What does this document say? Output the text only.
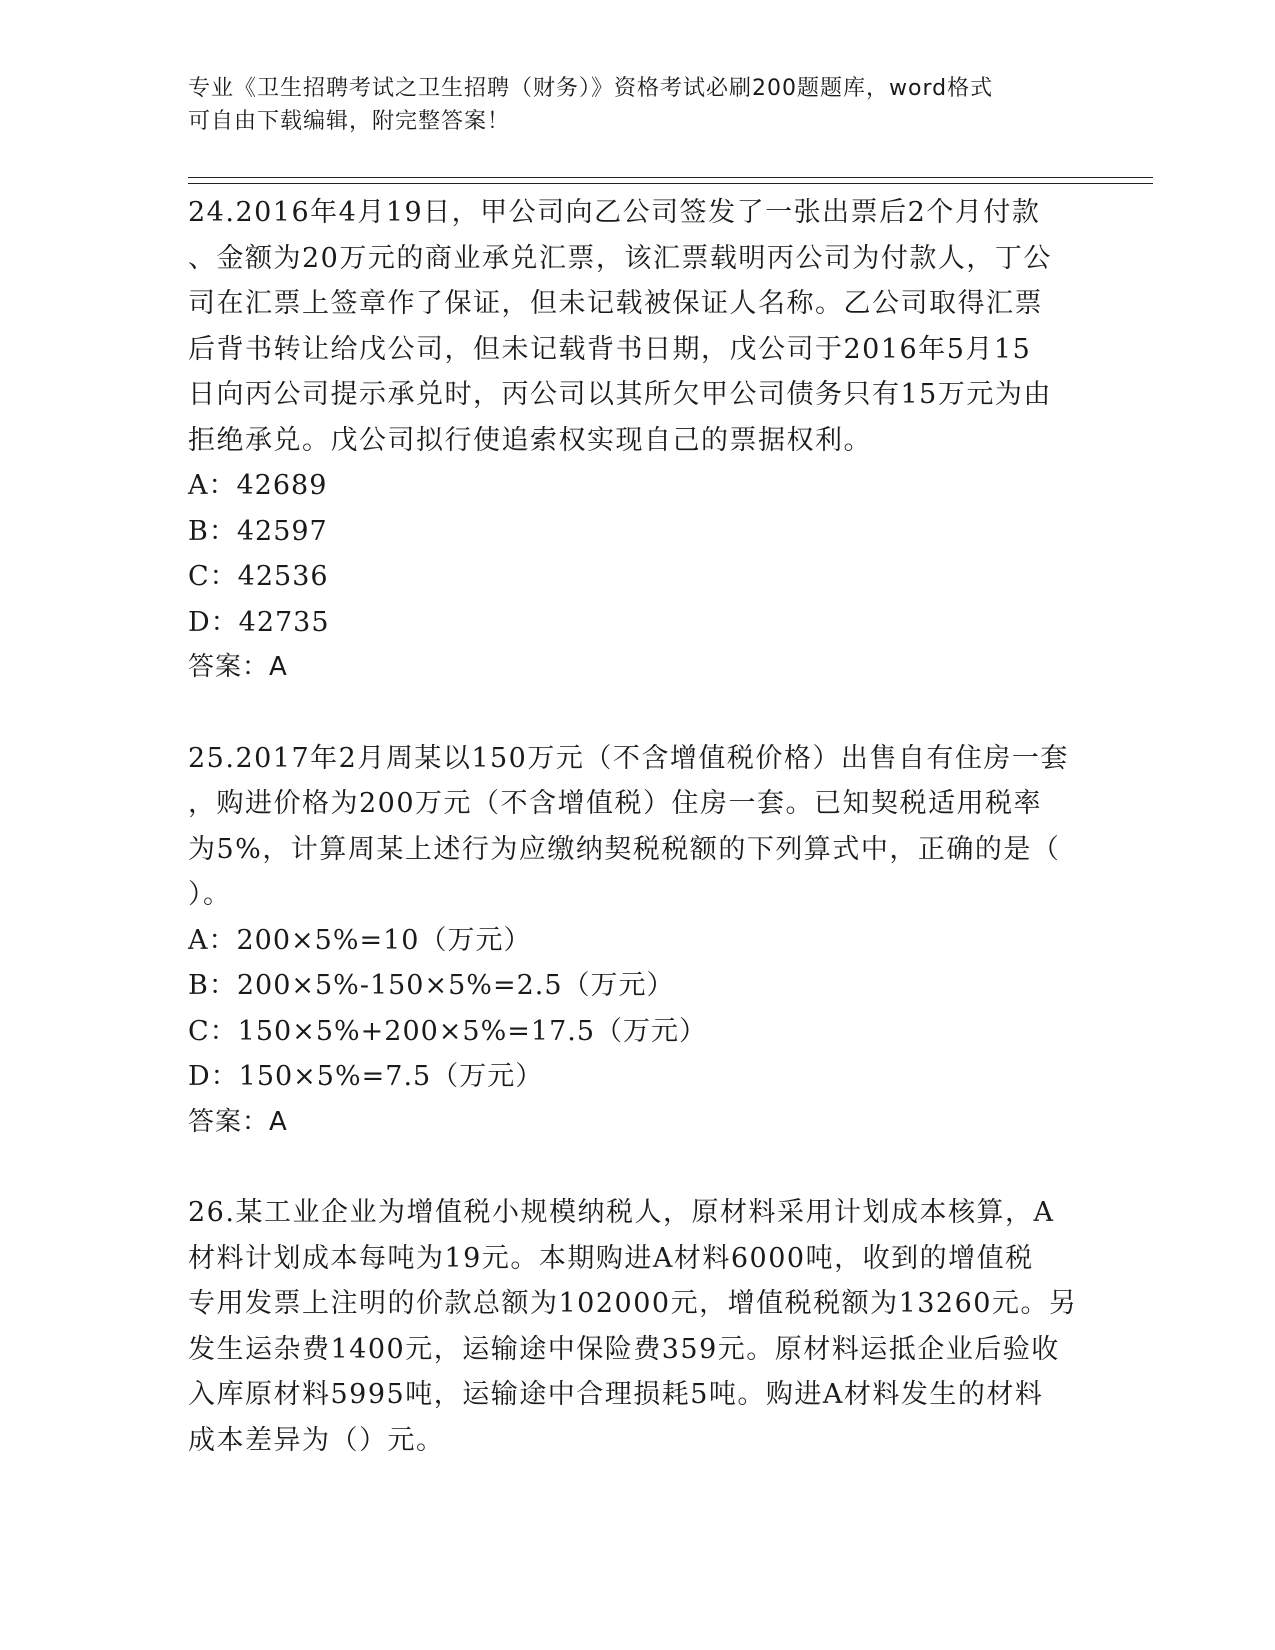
专业《卫生招聘考试之卫生招聘（财务）》资格考试必刷200题题库，word格式
可自由下载编辑，附完整答案！
24.2016年4月19日，甲公司向乙公司签发了一张出票后2个月付款
、金额为20万元的商业承兑汇票，该汇票载明丙公司为付款人，丁公
司在汇票上签章作了保证，但未记载被保证人名称。乙公司取得汇票
后背书转让给戊公司，但未记载背书日期，戊公司于2016年5月15
日向丙公司提示承兑时，丙公司以其所欠甲公司债务只有15万元为由
拒绝承兑。戊公司拟行使追索权实现自己的票据权利。
A：42689
B：42597
C：42536
D：42735
答案：A
25.2017年2月周某以150万元（不含增值税价格）出售自有住房一套
，购进价格为200万元（不含增值税）住房一套。已知契税适用税率
为5%，计算周某上述行为应缴纳契税税额的下列算式中，正确的是（
）。
A：200×5%=10（万元）
B：200×5%-150×5%=2.5（万元）
C：150×5%+200×5%=17.5（万元）
D：150×5%=7.5（万元）
答案：A
26.某工业企业为增值税小规模纳税人，原材料采用计划成本核算，A
材料计划成本每吨为19元。本期购进A材料6000吨，收到的增值税
专用发票上注明的价款总额为102000元，增值税税额为13260元。另
发生运杂费1400元，运输途中保险费359元。原材料运抵企业后验收
入库原材料5995吨，运输途中合理损耗5吨。购进A材料发生的材料
成本差异为（）元。
